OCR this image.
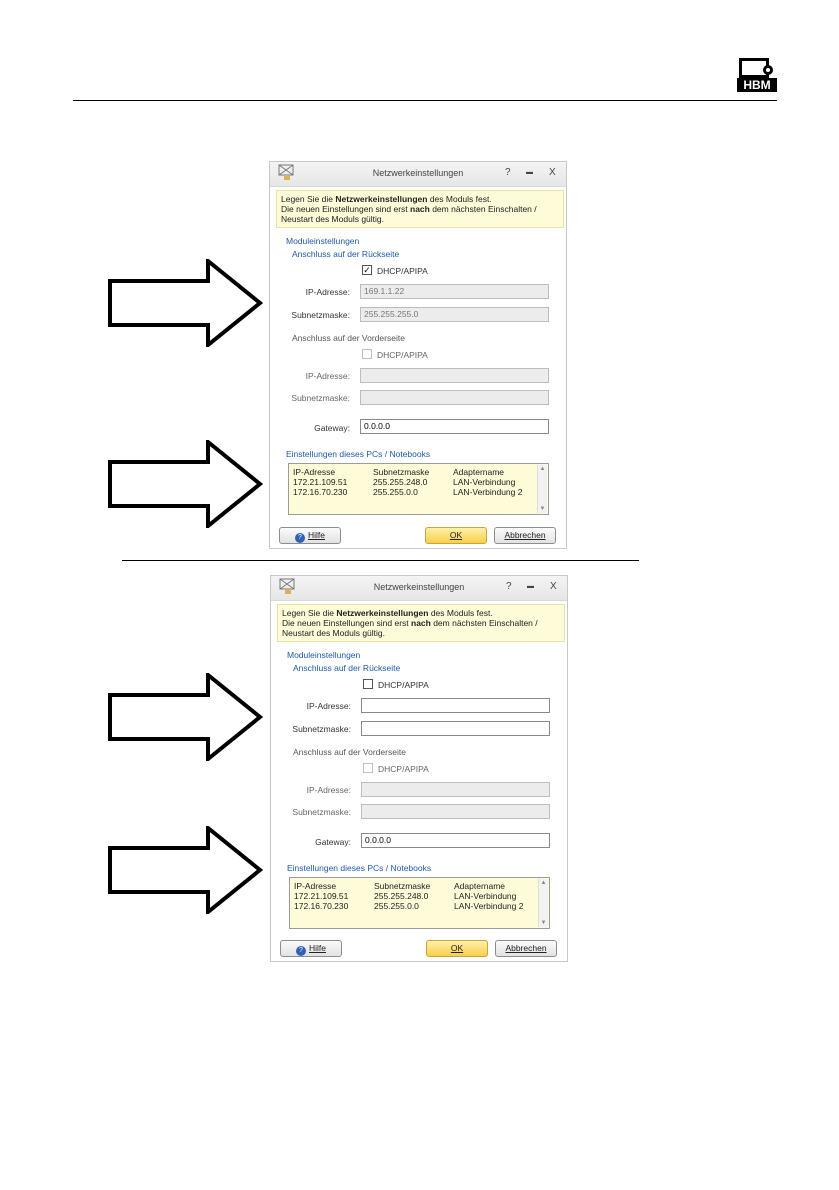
HBM
Netzwerkeinstellungen	? ▬ X
Legen Sie die Netzwerkeinstellungen des Moduls fest.
Die neuen Einstellungen sind erst nach dem nächsten Einschalten /
Neustart des Moduls gültig.
Moduleinstellungen
Anschluss auf der Rückseite
✓ DHCP/APIPA
IP-Adresse:	169.1.1.22
Subnetzmaske:	255.255.255.0
Anschluss auf der Vorderseite
DHCP/APIPA
IP-Adresse:
Subnetzmaske:
Gateway:	0.0.0.0
Einstellungen dieses PCs / Notebooks
IP-Adresse	Subnetzmaske	Adaptername
172.21.109.51	255.255.248.0	LAN-Verbindung
172.16.70.230	255.255.0.0	LAN-Verbindung 2
▲
▼
? Hilfe	OK	Abbrechen
Netzwerkeinstellungen	? ▬ X
Legen Sie die Netzwerkeinstellungen des Moduls fest.
Die neuen Einstellungen sind erst nach dem nächsten Einschalten /
Neustart des Moduls gültig.
Moduleinstellungen
Anschluss auf der Rückseite
DHCP/APIPA
IP-Adresse:
Subnetzmaske:
Anschluss auf der Vorderseite
DHCP/APIPA
IP-Adresse:
Subnetzmaske:
Gateway:	0.0.0.0
Einstellungen dieses PCs / Notebooks
IP-Adresse	Subnetzmaske	Adaptername
172.21.109.51	255.255.248.0	LAN-Verbindung
172.16.70.230	255.255.0.0	LAN-Verbindung 2
▲
▼
? Hilfe	OK	Abbrechen
